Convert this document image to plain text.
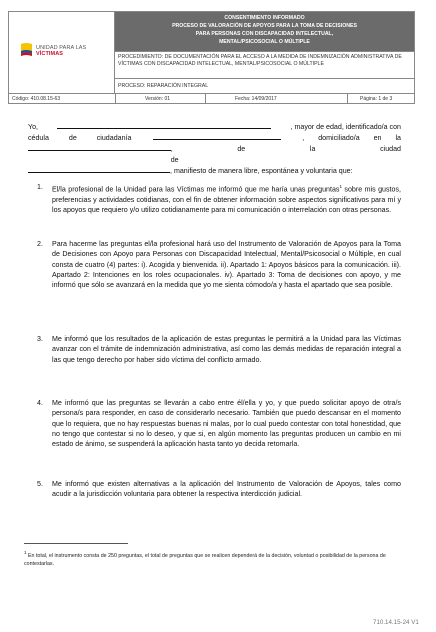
UNIDAD PARA LAS VÍCTIMAS
CONSENTIMIENTO INFORMADO
PROCESO DE VALORACIÓN DE APOYOS PARA LA TOMA DE DECISIONES
PARA PERSONAS CON DISCAPACIDAD INTELECTUAL,
MENTAL/PSICOSOCIAL O MÚLTIPLE
PROCEDIMIENTO: DE DOCUMENTACIÓN PARA EL ACCESO A LA MEDIDA DE INDEMNIZACIÓN ADMINISTRATIVA DE VÍCTIMAS CON DISCAPACIDAD INTELECTUAL, MENTAL/PSICOSOCIAL O MÚLTIPLE
PROCESO: REPARACIÓN INTEGRAL
Código: 410.08.15-63	Versión: 01	Fecha: 14/09/2017	Página: 1 de 3
Yo,	, mayor de edad, identificado/a con
cédula de ciudadanía	, domiciliado/a en la
, de la ciudad de
, manifiesto de manera libre, espontánea y voluntaria que:
1. El/la profesional de la Unidad para las Víctimas me informó que me haría unas preguntas$^1$ sobre mis gustos, preferencias y actividades cotidianas, con el fin de obtener información sobre aspectos significativos para mí y los apoyos que requiero y/o utilizo cotidianamente para mi comunicación o interrelación con otras personas.
2. Para hacerme las preguntas el/la profesional hará uso del Instrumento de Valoración de Apoyos para la Toma de Decisiones con Apoyo para Personas con Discapacidad Intelectual, Mental/Psicosocial o Múltiple, en cual consta de cuatro (4) partes: i). Acogida y bienvenida. ii). Apartado 1: Apoyos básicos para la comunicación. iii). Apartado 2: Intenciones en los roles ocupacionales. iv). Apartado 3: Toma de decisiones con apoyo, y me informó que sólo se avanzará en la medida que yo me sienta cómodo/a y hasta el apartado que sea posible.
3. Me informó que los resultados de la aplicación de estas preguntas le permitirá a la Unidad para las Víctimas avanzar con el trámite de indemnización administrativa, así como las demás medidas de reparación integral a las que tengo derecho por haber sido víctima del conflicto armado.
4. Me informó que las preguntas se llevarán a cabo entre él/ella y yo, y que puedo solicitar apoyo de otra/s persona/s para responder, en caso de considerarlo necesario. También que puedo descansar en el momento que lo requiera, que no hay respuestas buenas ni malas, por lo cual puedo contestar con total honestidad, que no tengo que contestar si no lo deseo, y que si, en algún momento las preguntas producen un cambio en mi estado de ánimo, se suspenderá la aplicación hasta tanto yo decida retomarla.
5. Me informó que existen alternativas a la aplicación del Instrumento de Valoración de Apoyos, tales como acudir a la jurisdicción voluntaria para obtener la respectiva interdicción judicial.
$^1$ En total, el instrumento consta de 250 preguntas, el total de preguntas que se realicen dependerá de la decisión, voluntad o posibilidad de la persona de contestarlas.
710.14.15-24 V1
